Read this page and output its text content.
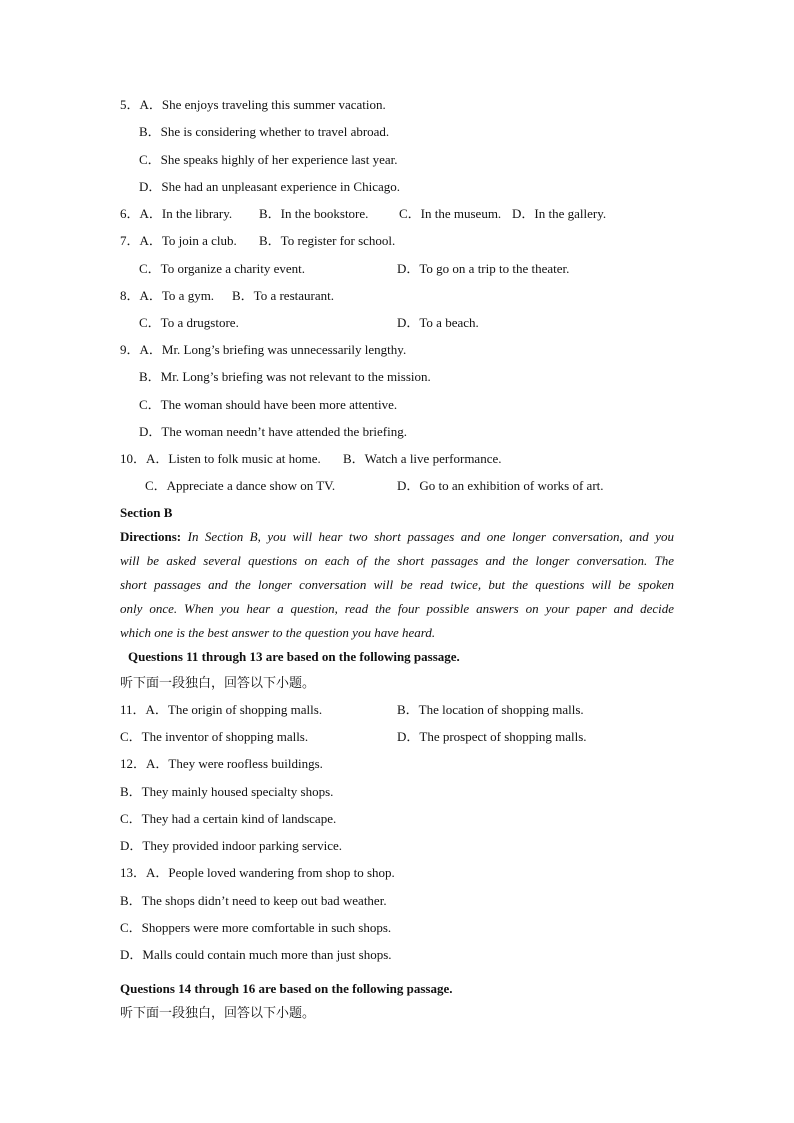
5．A．She enjoys traveling this summer vacation.
B．She is considering whether to travel abroad.
C．She speaks highly of her experience last year.
D．She had an unpleasant experience in Chicago.
6．A．In the library. B．In the bookstore. C．In the museum. D．In the gallery.
7．A．To join a club. B．To register for school.
C．To organize a charity event.	D．To go on a trip to the theater.
8．A．To a gym. B．To a restaurant.
C．To a drugstore.	D．To a beach.
9．A．Mr. Long’s briefing was unnecessarily lengthy.
B．Mr. Long’s briefing was not relevant to the mission.
C．The woman should have been more attentive.
D．The woman needn’t have attended the briefing.
10．A．Listen to folk music at home. B．Watch a live performance.
C．Appreciate a dance show on TV.	D．Go to an exhibition of works of art.
Section B
Directions: In Section B, you will hear two short passages and one longer conversation, and you
will be asked several questions on each of the short passages and the longer conversation. The
short passages and the longer conversation will be read twice, but the questions will be spoken
only once. When you hear a question, read the four possible answers on your paper and decide
which one is the best answer to the question you have heard.
Questions 11 through 13 are based on the following passage.
听下面一段独白，回答以下小题。
11．A．The origin of shopping malls.	B．The location of shopping malls.
C．The inventor of shopping malls.	D．The prospect of shopping malls.
12．A．They were roofless buildings.
B．They mainly housed specialty shops.
C．They had a certain kind of landscape.
D．They provided indoor parking service.
13．A．People loved wandering from shop to shop.
B．The shops didn’t need to keep out bad weather.
C．Shoppers were more comfortable in such shops.
D．Malls could contain much more than just shops.
Questions 14 through 16 are based on the following passage.
听下面一段独白，回答以下小题。
